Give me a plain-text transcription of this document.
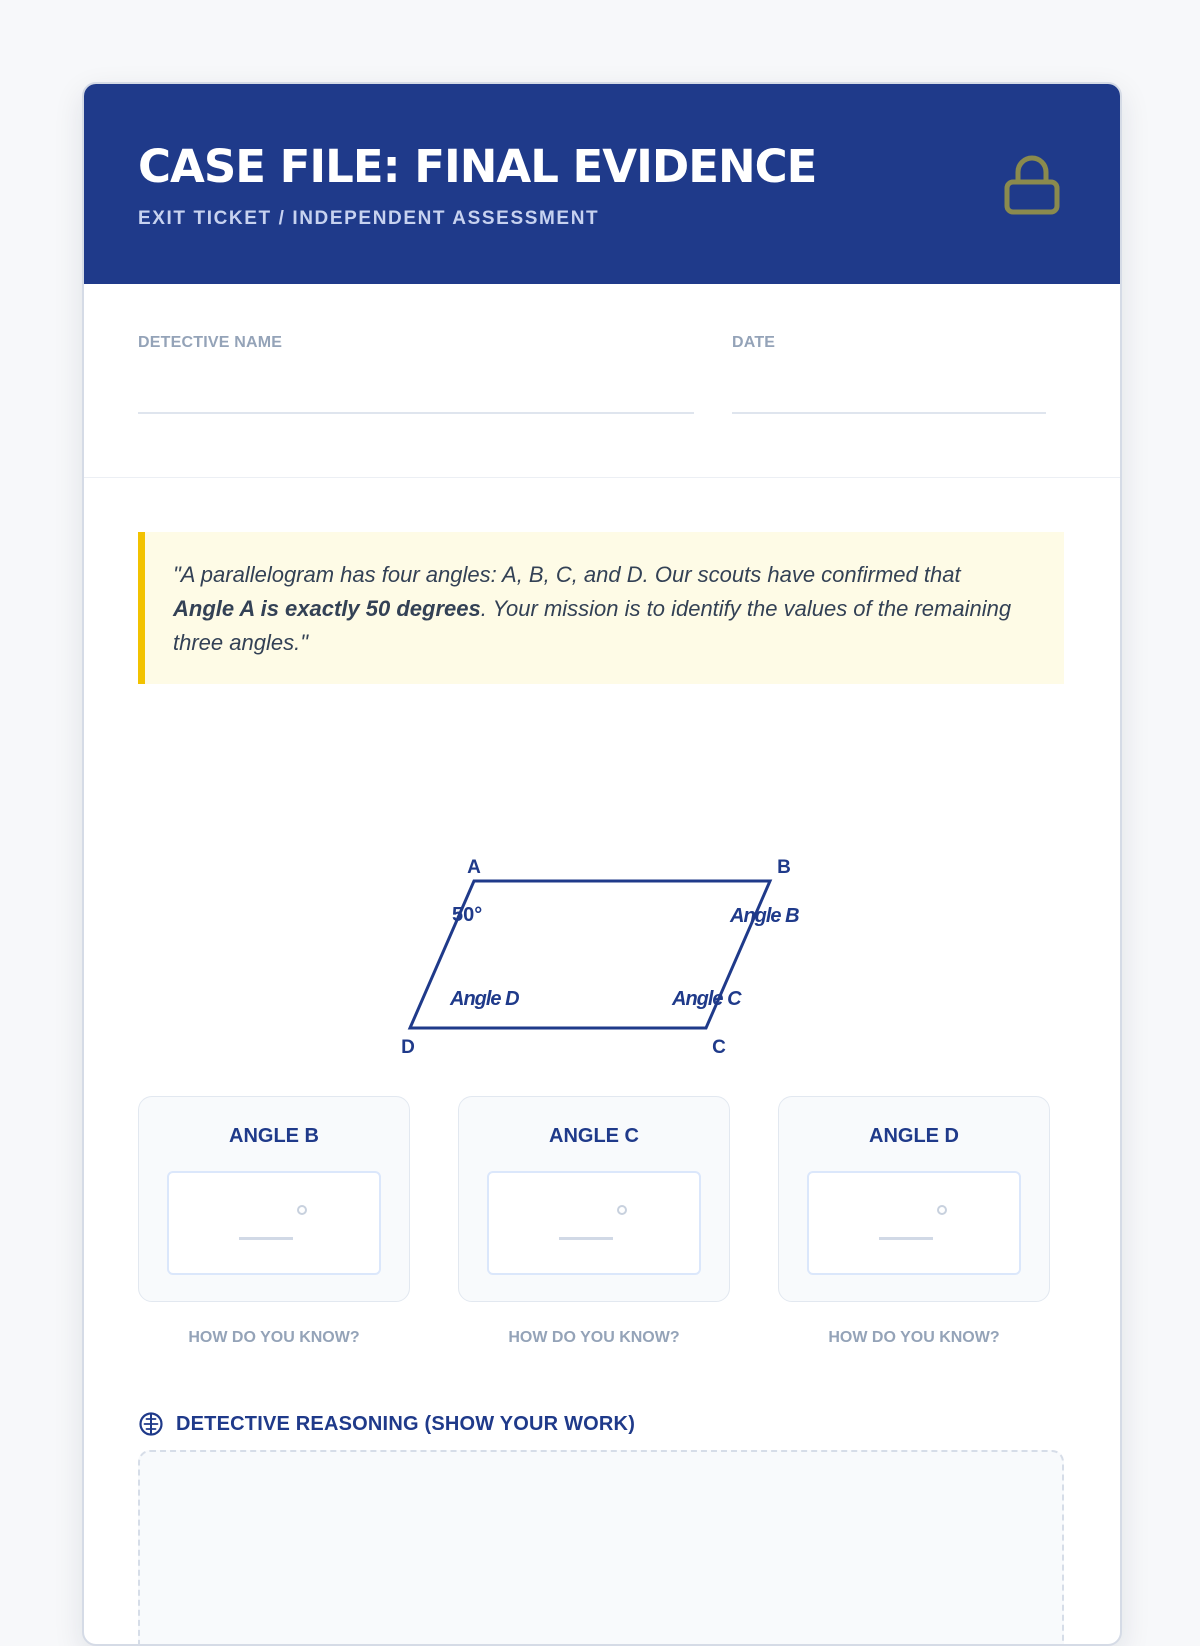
CASE FILE: FINAL EVIDENCE
EXIT TICKET / INDEPENDENT ASSESSMENT
DETECTIVE NAME	DATE
"A parallelogram has four angles: A, B, C, and D. Our scouts have confirmed that Angle A is exactly 50 degrees. Your mission is to identify the values of the remaining three angles."
A	B
C
D
50°	Angle B
Angle C
Angle D
ANGLE B
HOW DO YOU KNOW?
ANGLE C
HOW DO YOU KNOW?
ANGLE D
HOW DO YOU KNOW?
DETECTIVE REASONING (SHOW YOUR WORK)
